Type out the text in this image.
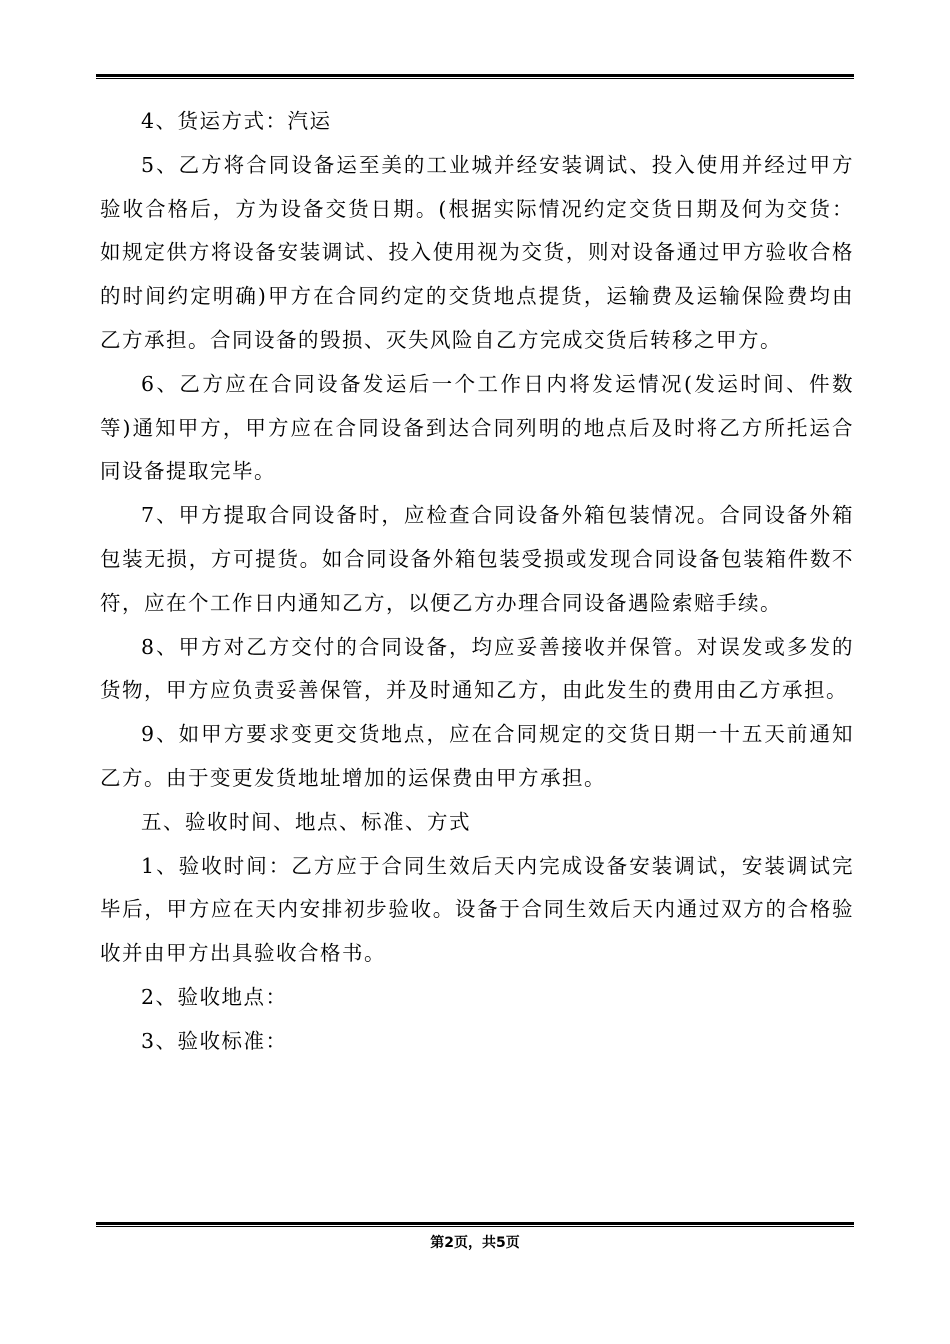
4、货运方式：汽运

5、乙方将合同设备运至美的工业城并经安装调试、投入使用并经过甲方验收合格后，方为设备交货日期。(根据实际情况约定交货日期及何为交货：如规定供方将设备安装调试、投入使用视为交货，则对设备通过甲方验收合格的时间约定明确)甲方在合同约定的交货地点提货，运输费及运输保险费均由乙方承担。合同设备的毁损、灭失风险自乙方完成交货后转移之甲方。

6、乙方应在合同设备发运后一个工作日内将发运情况(发运时间、件数等)通知甲方，甲方应在合同设备到达合同列明的地点后及时将乙方所托运合同设备提取完毕。

7、甲方提取合同设备时，应检查合同设备外箱包装情况。合同设备外箱包装无损，方可提货。如合同设备外箱包装受损或发现合同设备包装箱件数不符，应在个工作日内通知乙方，以便乙方办理合同设备遇险索赔手续。

8、甲方对乙方交付的合同设备，均应妥善接收并保管。对误发或多发的货物，甲方应负责妥善保管，并及时通知乙方，由此发生的费用由乙方承担。

9、如甲方要求变更交货地点，应在合同规定的交货日期一十五天前通知乙方。由于变更发货地址增加的运保费由甲方承担。

五、验收时间、地点、标准、方式

1、验收时间：乙方应于合同生效后天内完成设备安装调试，安装调试完毕后，甲方应在天内安排初步验收。设备于合同生效后天内通过双方的合格验收并由甲方出具验收合格书。

2、验收地点：

3、验收标准：

第2页，共5页
